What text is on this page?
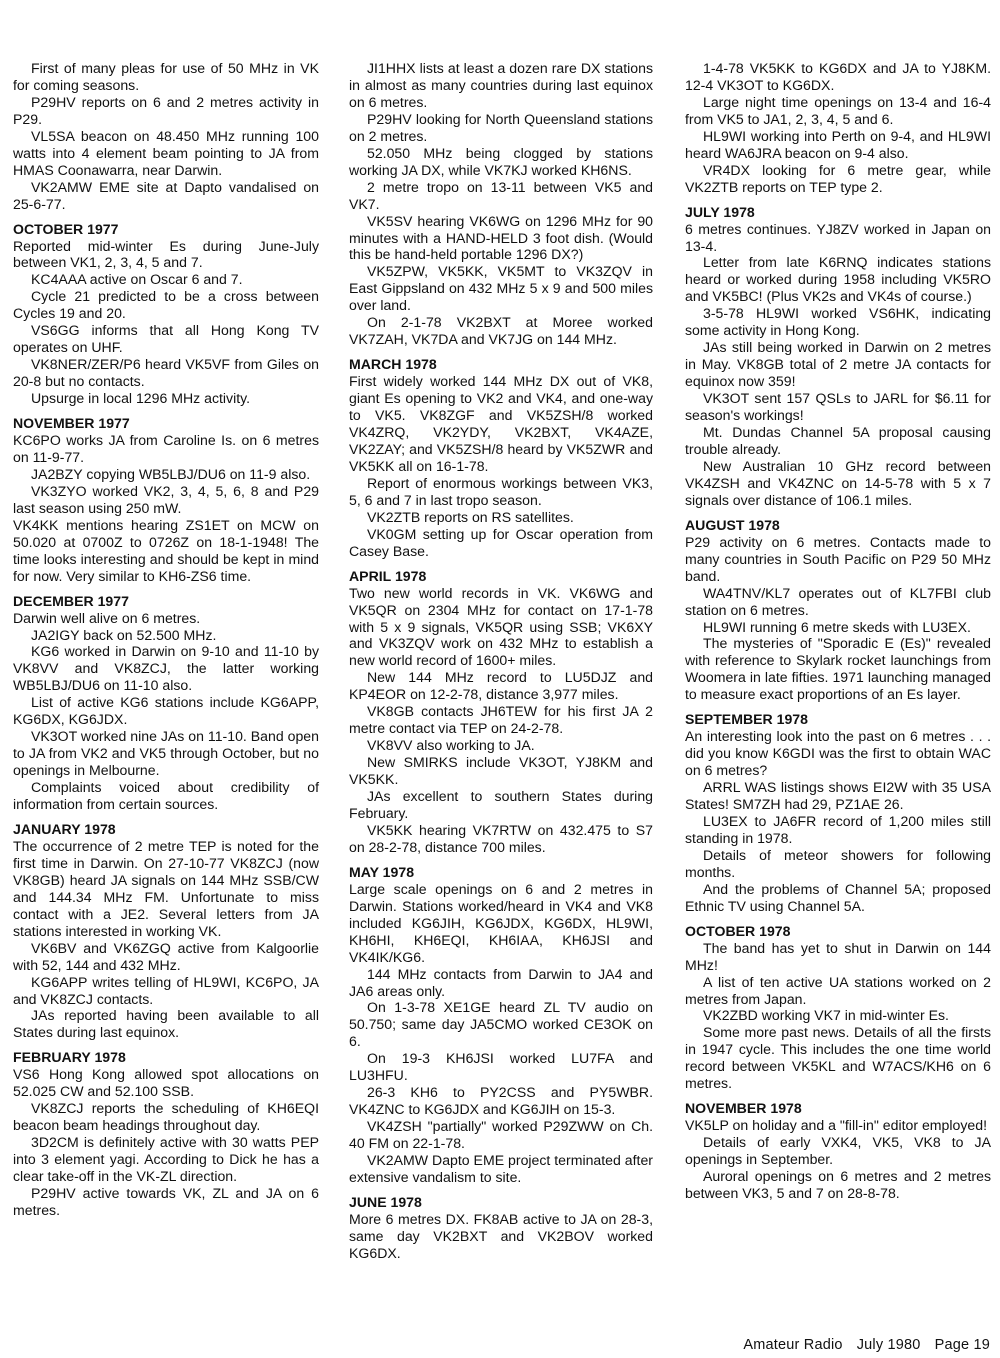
First of many pleas for use of 50 MHz in VK for coming seasons.

P29HV reports on 6 and 2 metres activity in P29.

VL5SA beacon on 48.450 MHz running 100 watts into 4 element beam pointing to JA from HMAS Coonawarra, near Darwin.

VK2AMW EME site at Dapto vandalised on 25-6-77.

OCTOBER 1977

Reported mid-winter Es during June-July between VK1, 2, 3, 4, 5 and 7.

KC4AAA active on Oscar 6 and 7.

Cycle 21 predicted to be a cross between Cycles 19 and 20.

VS6GG informs that all Hong Kong TV operates on UHF.

VK8NER/ZER/P6 heard VK5VF from Giles on 20-8 but no contacts.

Upsurge in local 1296 MHz activity.

NOVEMBER 1977

KC6PO works JA from Caroline Is. on 6 metres on 11-9-77.

JA2BZY copying WB5LBJ/DU6 on 11-9 also.

VK3ZYO worked VK2, 3, 4, 5, 6, 8 and P29 last season using 250 mW.

VK4KK mentions hearing ZS1ET on MCW on 50.020 at 0700Z to 0726Z on 18-1-1948! The time looks interesting and should be kept in mind for now. Very similar to KH6-ZS6 time.

DECEMBER 1977

Darwin well alive on 6 metres.

JA2IGY back on 52.500 MHz.

KG6 worked in Darwin on 9-10 and 11-10 by VK8VV and VK8ZCJ, the latter working WB5LBJ/DU6 on 11-10 also.

List of active KG6 stations include KG6APP, KG6DX, KG6JDX.

VK3OT worked nine JAs on 11-10. Band open to JA from VK2 and VK5 through October, but no openings in Melbourne.

Complaints voiced about credibility of information from certain sources.

JANUARY 1978

The occurrence of 2 metre TEP is noted for the first time in Darwin. On 27-10-77 VK8ZCJ (now VK8GB) heard JA signals on 144 MHz SSB/CW and 144.34 MHz FM. Unfortunate to miss contact with a JE2. Several letters from JA stations interested in working VK.

VK6BV and VK6ZGQ active from Kalgoorlie with 52, 144 and 432 MHz.

KG6APP writes telling of HL9WI, KC6PO, JA and VK8ZCJ contacts.

JAs reported having been available to all States during last equinox.

FEBRUARY 1978

VS6 Hong Kong allowed spot allocations on 52.025 CW and 52.100 SSB.

VK8ZCJ reports the scheduling of KH6EQI beacon beam headings throughout day.

3D2CM is definitely active with 30 watts PEP into 3 element yagi. According to Dick he has a clear take-off in the VK-ZL direction.

P29HV active towards VK, ZL and JA on 6 metres.

JI1HHX lists at least a dozen rare DX stations in almost as many countries during last equinox on 6 metres.

P29HV looking for North Queensland stations on 2 metres.

52.050 MHz being clogged by stations working JA DX, while VK7KJ worked KH6NS.

2 metre tropo on 13-11 between VK5 and VK7.

VK5SV hearing VK6WG on 1296 MHz for 90 minutes with a HAND-HELD 3 foot dish. (Would this be hand-held portable 1296 DX?)

VK5ZPW, VK5KK, VK5MT to VK3ZQV in East Gippsland on 432 MHz 5 x 9 and 500 miles over land.

On 2-1-78 VK2BXT at Moree worked VK7ZAH, VK7DA and VK7JG on 144 MHz.

MARCH 1978

First widely worked 144 MHz DX out of VK8, giant Es opening to VK2 and VK4, and one-way to VK5. VK8ZGF and VK5ZSH/8 worked VK4ZRQ, VK2YDY, VK2BXT, VK4AZE, VK2ZAY; and VK5ZSH/8 heard by VK5ZWR and VK5KK all on 16-1-78.

Report of enormous workings between VK3, 5, 6 and 7 in last tropo season.

VK2ZTB reports on RS satellites.

VK0GM setting up for Oscar operation from Casey Base.

APRIL 1978

Two new world records in VK. VK6WG and VK5QR on 2304 MHz for contact on 17-1-78 with 5 x 9 signals, VK5QR using SSB; VK6XY and VK3ZQV work on 432 MHz to establish a new world record of 1600+ miles.

New 144 MHz record to LU5DJZ and KP4EOR on 12-2-78, distance 3,977 miles.

VK8GB contacts JH6TEW for his first JA 2 metre contact via TEP on 24-2-78.

VK8VV also working to JA.

New SMIRKS include VK3OT, YJ8KM and VK5KK.

JAs excellent to southern States during February.

VK5KK hearing VK7RTW on 432.475 to S7 on 28-2-78, distance 700 miles.

MAY 1978

Large scale openings on 6 and 2 metres in Darwin. Stations worked/heard in VK4 and VK8 included KG6JIH, KG6JDX, KG6DX, HL9WI, KH6HI, KH6EQI, KH6IAA, KH6JSI and VK4IK/KG6.

144 MHz contacts from Darwin to JA4 and JA6 areas only.

On 1-3-78 XE1GE heard ZL TV audio on 50.750; same day JA5CMO worked CE3OK on 6.

On 19-3 KH6JSI worked LU7FA and LU3HFU.

26-3 KH6 to PY2CSS and PY5WBR. VK4ZNC to KG6JDX and KG6JIH on 15-3.

VK4ZSH "partially" worked P29ZWW on Ch. 40 FM on 22-1-78.

VK2AMW Dapto EME project terminated after extensive vandalism to site.

JUNE 1978

More 6 metres DX. FK8AB active to JA on 28-3, same day VK2BXT and VK2BOV worked KG6DX.

1-4-78 VK5KK to KG6DX and JA to YJ8KM. 12-4 VK3OT to KG6DX.

Large night time openings on 13-4 and 16-4 from VK5 to JA1, 2, 3, 4, 5 and 6.

HL9WI working into Perth on 9-4, and HL9WI heard WA6JRA beacon on 9-4 also.

VR4DX looking for 6 metre gear, while VK2ZTB reports on TEP type 2.

JULY 1978

6 metres continues. YJ8ZV worked in Japan on 13-4.

Letter from late K6RNQ indicates stations heard or worked during 1958 including VK5RO and VK5BC! (Plus VK2s and VK4s of course.)

3-5-78 HL9WI worked VS6HK, indicating some activity in Hong Kong.

JAs still being worked in Darwin on 2 metres in May. VK8GB total of 2 metre JA contacts for equinox now 359!

VK3OT sent 157 QSLs to JARL for $6.11 for season's workings!

Mt. Dundas Channel 5A proposal causing trouble already.

New Australian 10 GHz record between VK4ZSH and VK4ZNC on 14-5-78 with 5 x 7 signals over distance of 106.1 miles.

AUGUST 1978

P29 activity on 6 metres. Contacts made to many countries in South Pacific on P29 50 MHz band.

WA4TNV/KL7 operates out of KL7FBI club station on 6 metres.

HL9WI running 6 metre skeds with LU3EX.

The mysteries of "Sporadic E (Es)" revealed with reference to Skylark rocket launchings from Woomera in late fifties. 1971 launching managed to measure exact proportions of an Es layer.

SEPTEMBER 1978

An interesting look into the past on 6 metres . . . did you know K6GDI was the first to obtain WAC on 6 metres?

ARRL WAS listings shows EI2W with 35 USA States! SM7ZH had 29, PZ1AE 26.

LU3EX to JA6FR record of 1,200 miles still standing in 1978.

Details of meteor showers for following months.

And the problems of Channel 5A; proposed Ethnic TV using Channel 5A.

OCTOBER 1978

The band has yet to shut in Darwin on 144 MHz!

A list of ten active UA stations worked on 2 metres from Japan.

VK2ZBD working VK7 in mid-winter Es.

Some more past news. Details of all the firsts in 1947 cycle. This includes the one time world record between VK5KL and W7ACS/KH6 on 6 metres.

NOVEMBER 1978

VK5LP on holiday and a "fill-in" editor employed!

Details of early VXK4, VK5, VK8 to JA openings in September.

Auroral openings on 6 metres and 2 metres between VK3, 5 and 7 on 28-8-78.

Amateur Radio July 1980 Page 19
